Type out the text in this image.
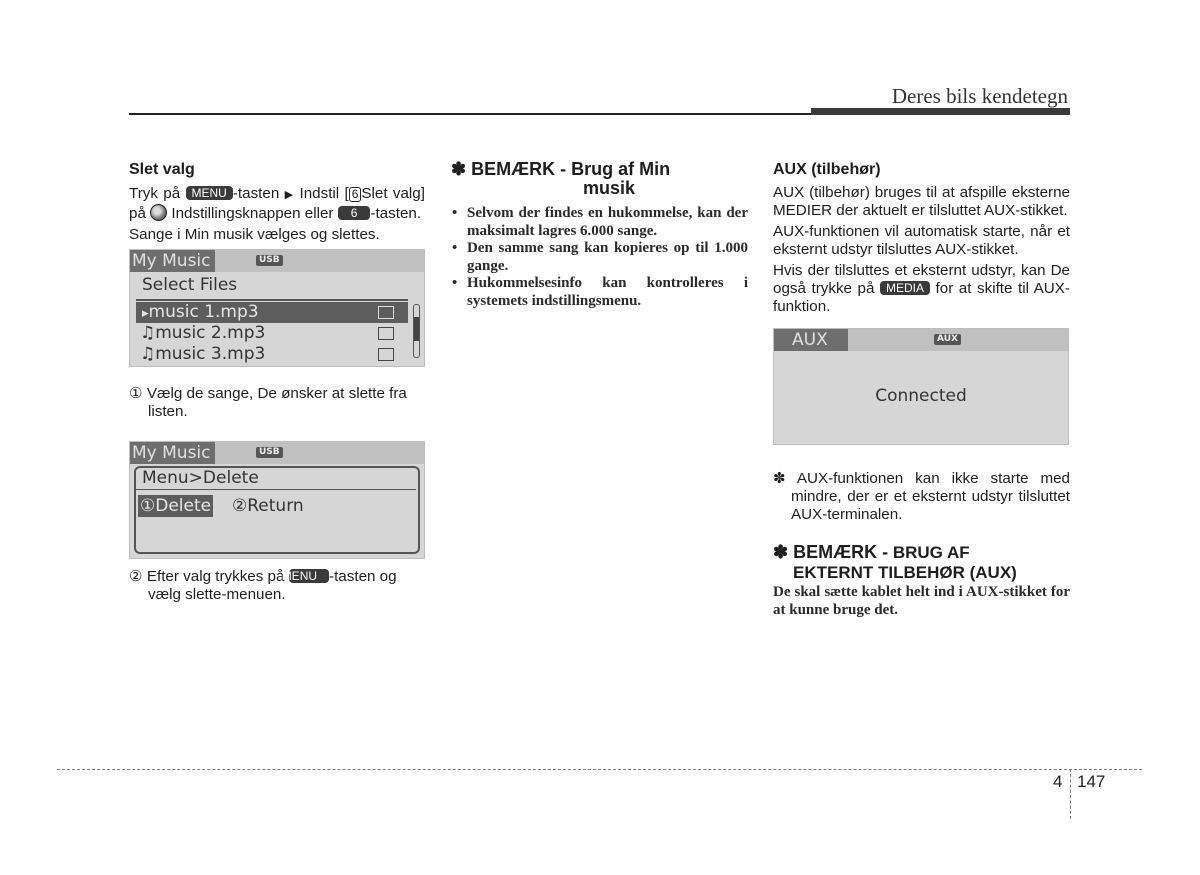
Deres bils kendetegn
Slet valg

Tryk på MENU -tasten ▶ Indstil [ 6 Slet valg] på Indstillingsknappen eller 6 -tasten.

Sange i Min musik vælges og slettes.

My Music	USB
Select Files
▸music 1.mp3
♫music 2.mp3
♫music 3.mp3

① Vælg de sange, De ønsker at slette fra listen.

My Music	USB
Menu>Delete
①Delete ②Return

② Efter valg trykkes på MENU -tasten og vælg slette-menuen.

✽ BEMÆRK - Brug af Min
musik
• Selvom der findes en hukommelse, kan der maksimalt lagres 6.000 sange.
• Den samme sang kan kopieres op til 1.000 gange.
• Hukommelsesinfo kan kontrolleres i systemets indstillingsmenu.
AUX (tilbehør)

AUX (tilbehør) bruges til at afspille eksterne MEDIER der aktuelt er tilsluttet AUX-stikket.

AUX-funktionen vil automatisk starte, når et eksternt udstyr tilsluttes AUX-stikket.

Hvis der tilsluttes et eksternt udstyr, kan De også trykke på MEDIA for at skifte til AUX-funktion.

AUX	AUX
Connected

✽ AUX-funktionen kan ikke starte med mindre, der er et eksternt udstyr tilsluttet AUX-terminalen.

✽ BEMÆRK - BRUG AF
EKTERNT TILBEHØR (AUX)

De skal sætte kablet helt ind i AUX-stikket for at kunne bruge det.

4 147
